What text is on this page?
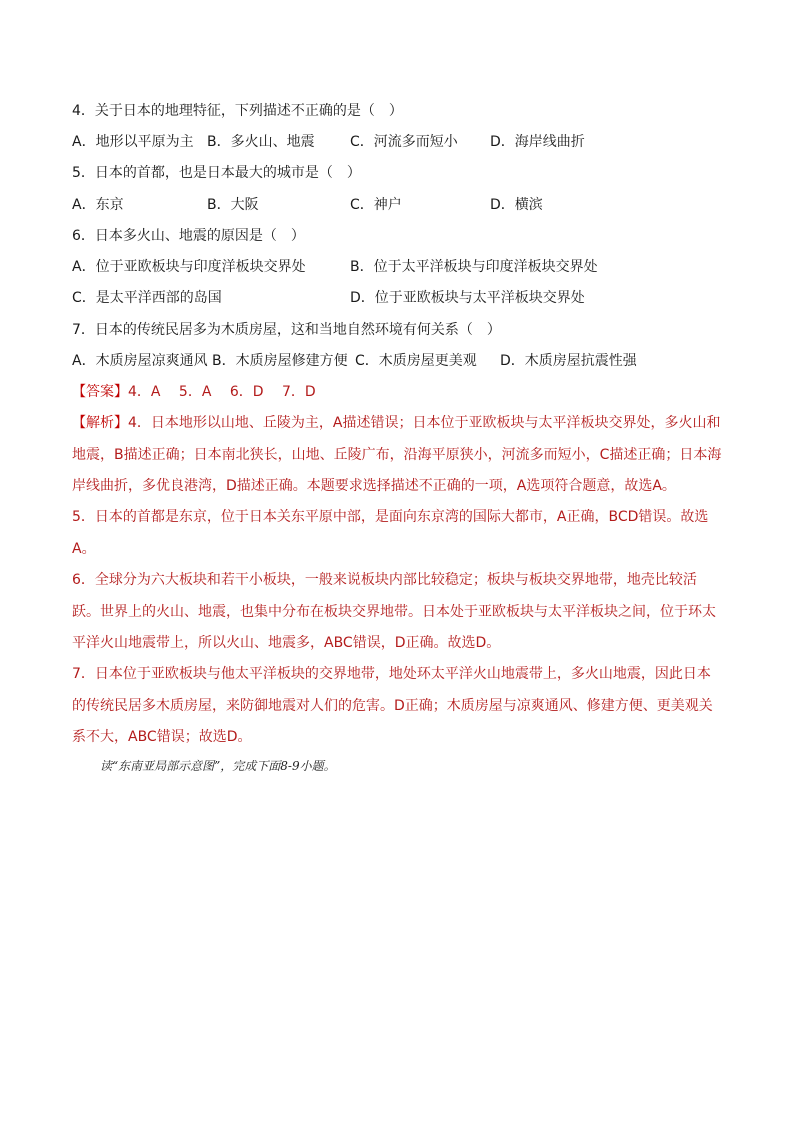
4．关于日本的地理特征，下列描述不正确的是（　）
A．地形以平原为主 B．多火山、地震	C．河流多而短小 D．海岸线曲折
5．日本的首都，也是日本最大的城市是（　）
A．东京	B．大阪	C．神户	D．横滨
6．日本多火山、地震的原因是（　）
A．位于亚欧板块与印度洋板块交界处	B．位于太平洋板块与印度洋板块交界处
C．是太平洋西部的岛国	D．位于亚欧板块与太平洋板块交界处
7．日本的传统民居多为木质房屋，这和当地自然环境有何关系（　）
A．木质房屋凉爽通风 B．木质房屋修建方便 C．木质房屋更美观 D．木质房屋抗震性强
【答案】4．A　 5．A　 6．D　 7．D
【解析】4．日本地形以山地、丘陵为主，A描述错误；日本位于亚欧板块与太平洋板块交界处，多火山和地震，B描述正确；日本南北狭长，山地、丘陵广布，沿海平原狭小，河流多而短小，C描述正确；日本海岸线曲折，多优良港湾，D描述正确。本题要求选择描述不正确的一项，A选项符合题意，故选A。
5．日本的首都是东京，位于日本关东平原中部，是面向东京湾的国际大都市，A正确，BCD错误。故选A。
6．全球分为六大板块和若干小板块，一般来说板块内部比较稳定；板块与板块交界地带，地壳比较活跃。世界上的火山、地震，也集中分布在板块交界地带。日本处于亚欧板块与太平洋板块之间，位于环太平洋火山地震带上，所以火山、地震多，ABC错误，D正确。故选D。
7．日本位于亚欧板块与他太平洋板块的交界地带，地处环太平洋火山地震带上，多火山地震，因此日本的传统民居多木质房屋，来防御地震对人们的危害。D正确；木质房屋与凉爽通风、修建方便、更美观关系不大，ABC错误；故选D。
读“东南亚局部示意图”，完成下面8-9小题。
